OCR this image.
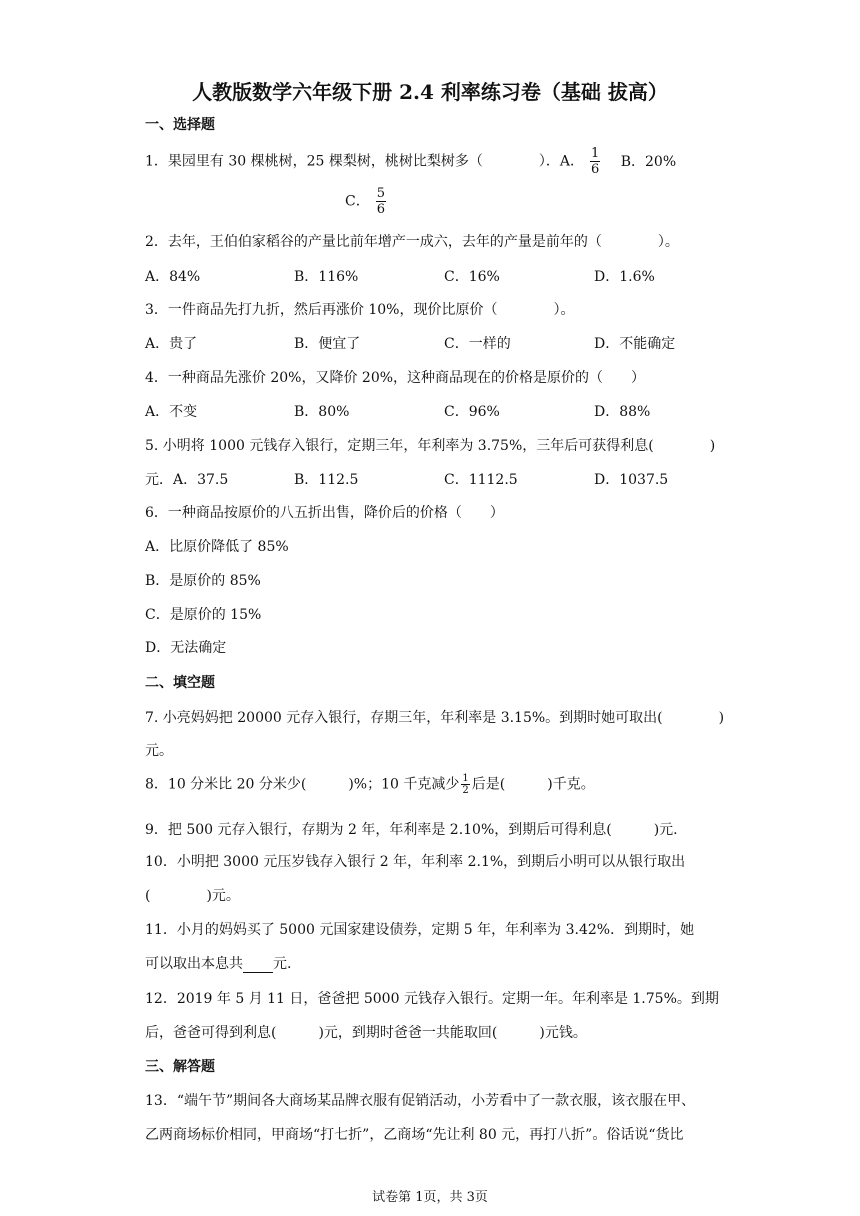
人教版数学六年级下册 2.4 利率练习卷（基础 拔高）
一、选择题
1．果园里有 30 棵桃树，25 棵梨树，桃树比梨树多（　　　　）．A． $\frac{1}{6}$ B．20%
C． $\frac{5}{6}$
2．去年，王伯伯家稻谷的产量比前年增产一成六，去年的产量是前年的（　　　　）。
A．84%	B．116%	C．16%	D．1.6%
3．一件商品先打九折，然后再涨价 10%，现价比原价（　　　　）。
A．贵了	B．便宜了	C．一样的	D．不能确定
4．一种商品先涨价 20%，又降价 20%，这种商品现在的价格是原价的（　　）
A．不变	B．80%	C．96%	D．88%
5. 小明将 1000 元钱存入银行，定期三年，年利率为 3.75%，三年后可获得利息(　　　　)
元．A．37.5	B．112.5	C．1112.5	D．1037.5
6．一种商品按原价的八五折出售，降价后的价格（　　）
A．比原价降低了 85%
B．是原价的 85%
C．是原价的 15%
D．无法确定
二、填空题
7. 小亮妈妈把 20000 元存入银行，存期三年，年利率是 3.15%。到期时她可取出(　　　　)
元。
8．10 分米比 20 分米少(　　　)%；10 千克减少 $\frac{1}{2}$ 后是(　　　)千克。
9．把 500 元存入银行，存期为 2 年，年利率是 2.10%，到期后可得利息(　　　)元.
10．小明把 3000 元压岁钱存入银行 2 年，年利率 2.1%，到期后小明可以从银行取出
(　　　　)元。
11．小月的妈妈买了 5000 元国家建设债券，定期 5 年，年利率为 3.42%．到期时，她
可以取出本息共 元.
12．2019 年 5 月 11 日，爸爸把 5000 元钱存入银行。定期一年。年利率是 1.75%。到期
后，爸爸可得到利息(　　　)元，到期时爸爸一共能取回(　　　)元钱。
三、解答题
13．“端午节”期间各大商场某品牌衣服有促销活动，小芳看中了一款衣服，该衣服在甲、
乙两商场标价相同，甲商场“打七折”，乙商场“先让利 80 元，再打八折”。俗话说“货比
试卷第 1页，共 3页
